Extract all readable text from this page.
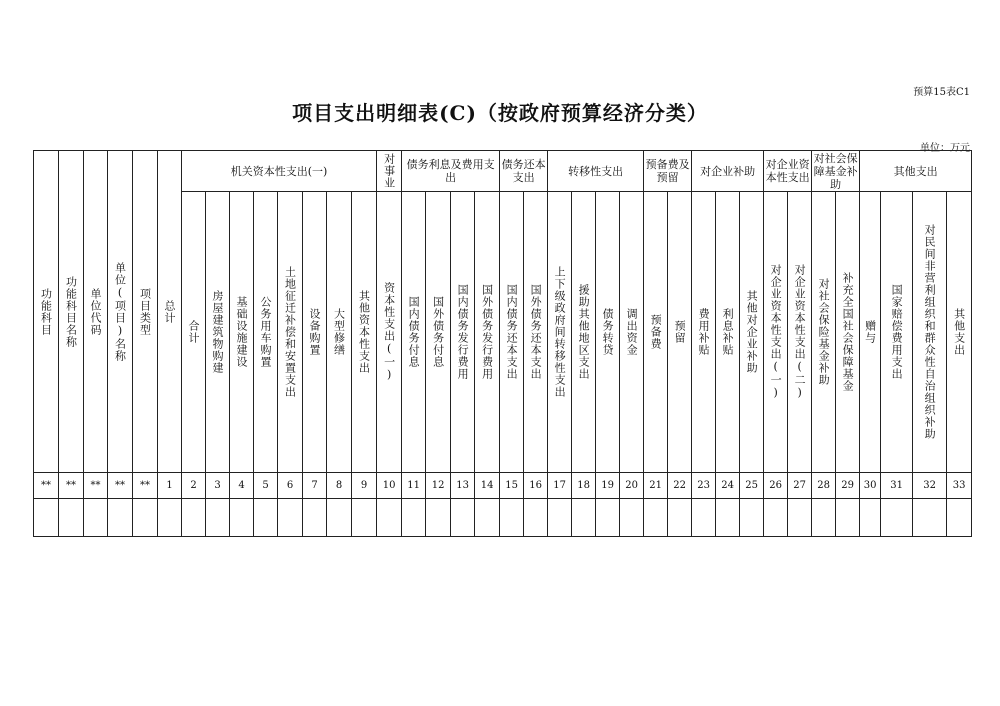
预算15表C1
项目支出明细表(C)（按政府预算经济分类）
单位：万元
功能科目	功能科目名称	单位代码	单位(项目)名称	项目类型	总计	机关资本性支出(一)								对事业	债务利息及费用支出				债务还本支出		转移性支出				预备费及预留		对企业补助			对企业资本性支出		对社会保障基金补助		其他支出			
						合计	房屋建筑物购建	基础设施建设	公务用车购置	土地征迁补偿和安置支出	设备购置	大型修缮	其他资本性支出	资本性支出(一)	国内债务付息	国外债务付息	国内债务发行费用	国外债务发行费用	国内债务还本支出	国外债务还本支出	上下级政府间转移性支出	援助其他地区支出	债务转贷	调出资金	预备费	预留	费用补贴	利息补贴	其他对企业补助	对企业资本性支出(一)	对企业资本性支出(二)	对社会保险基金补助	补充全国社会保障基金	赠与	国家赔偿费用支出	对民间非营利组织和群众性自治组织补助	其他支出
**	**	**	**	**	1	2	3	4	5	6	7	8	9	10	11	12	13	14	15	16	17	18	19	20	21	22	23	24	25	26	27	28	29	30	31	32	33
